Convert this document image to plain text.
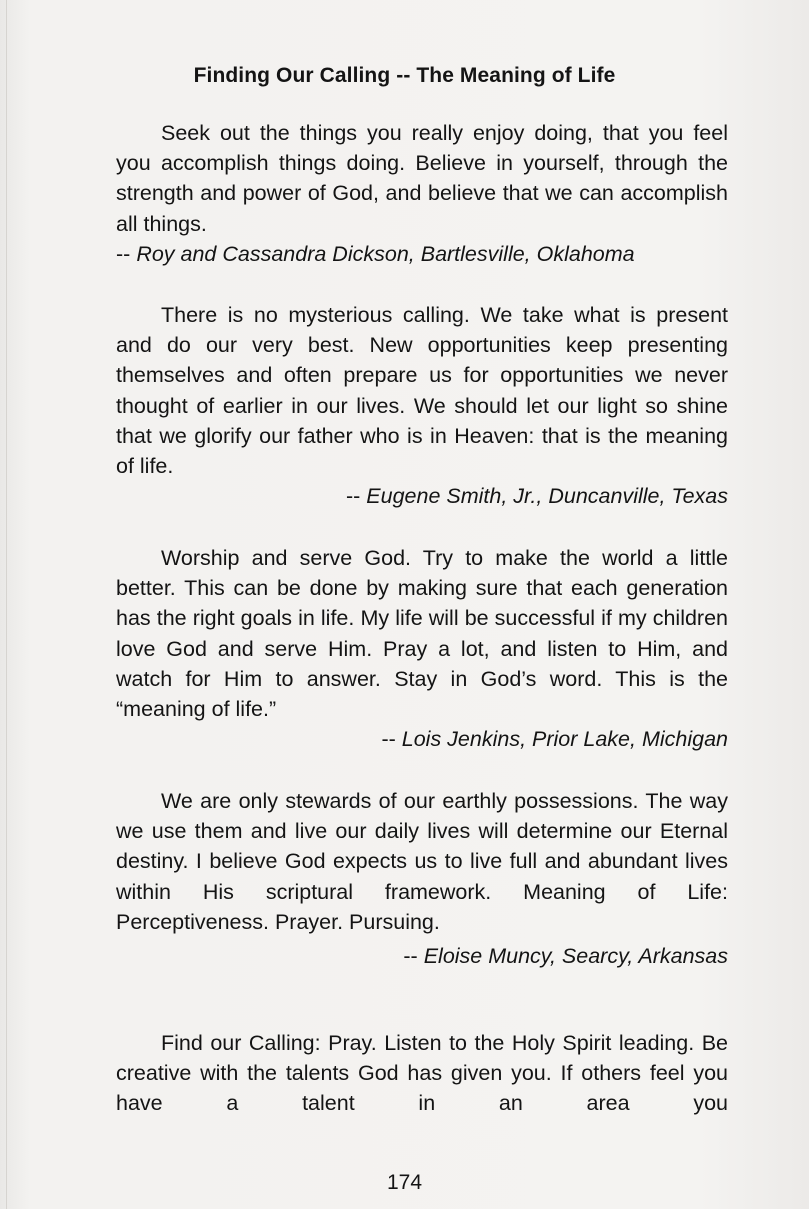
Finding Our Calling -- The Meaning of Life
Seek out the things you really enjoy doing, that you feel you accomplish things doing. Believe in yourself, through the strength and power of God, and believe that we can accomplish all things.
-- Roy and Cassandra Dickson, Bartlesville, Oklahoma
There is no mysterious calling. We take what is present and do our very best. New opportunities keep presenting themselves and often prepare us for opportunities we never thought of earlier in our lives. We should let our light so shine that we glorify our father who is in Heaven: that is the meaning of life.
-- Eugene Smith, Jr., Duncanville, Texas
Worship and serve God. Try to make the world a little better. This can be done by making sure that each generation has the right goals in life. My life will be successful if my children love God and serve Him. Pray a lot, and listen to Him, and watch for Him to answer. Stay in God’s word. This is the “meaning of life.”
-- Lois Jenkins, Prior Lake, Michigan
We are only stewards of our earthly possessions. The way we use them and live our daily lives will determine our Eternal destiny. I believe God expects us to live full and abundant lives within His scriptural framework. Meaning of Life: Perceptiveness. Prayer. Pursuing.
-- Eloise Muncy, Searcy, Arkansas
Find our Calling: Pray. Listen to the Holy Spirit leading. Be creative with the talents God has given you. If others feel you have a talent in an area you
174
